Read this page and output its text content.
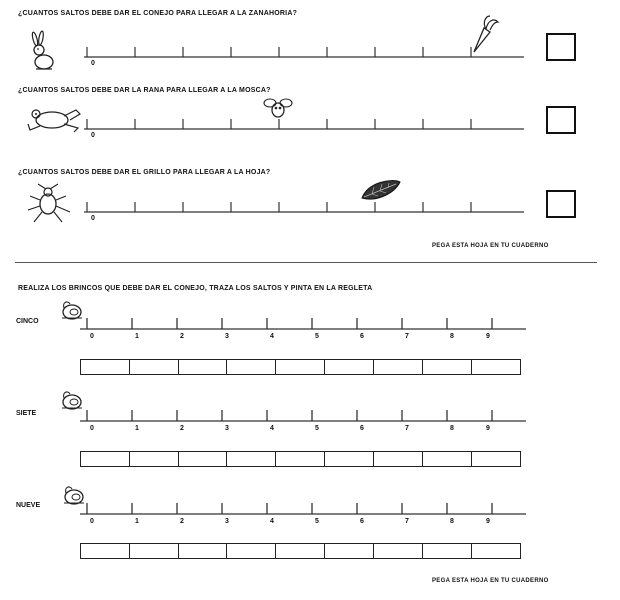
¿CUANTOS SALTOS DEBE DAR EL CONEJO PARA LLEGAR A LA ZANAHORIA?
0
¿CUANTOS SALTOS DEBE DAR LA RANA PARA LLEGAR A LA MOSCA?
0
¿CUANTOS SALTOS DEBE DAR EL GRILLO PARA LLEGAR A LA HOJA?
0
PEGA ESTA HOJA EN TU CUADERNO
REALIZA LOS BRINCOS QUE DEBE DAR EL CONEJO, TRAZA LOS SALTOS Y PINTA EN LA REGLETA
CINCO
0	1	2	3	4	5	6	7	8	9
SIETE
0	1	2	3	4	5	6	7	8	9
NUEVE
0	1	2	3	4	5	6	7	8	9
PEGA ESTA HOJA EN TU CUADERNO
